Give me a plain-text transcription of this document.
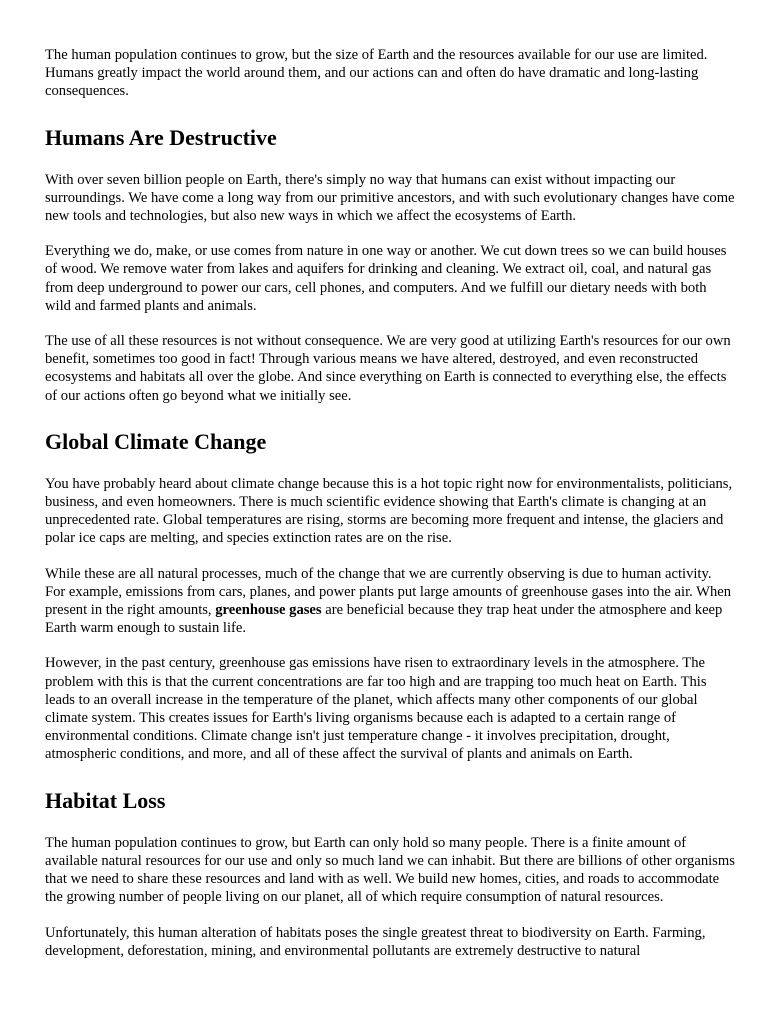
The human population continues to grow, but the size of Earth and the resources available for our use are limited. Humans greatly impact the world around them, and our actions can and often do have dramatic and long-lasting consequences.

Humans Are Destructive

With over seven billion people on Earth, there's simply no way that humans can exist without impacting our surroundings. We have come a long way from our primitive ancestors, and with such evolutionary changes have come new tools and technologies, but also new ways in which we affect the ecosystems of Earth.

Everything we do, make, or use comes from nature in one way or another. We cut down trees so we can build houses of wood. We remove water from lakes and aquifers for drinking and cleaning. We extract oil, coal, and natural gas from deep underground to power our cars, cell phones, and computers. And we fulfill our dietary needs with both wild and farmed plants and animals.

The use of all these resources is not without consequence. We are very good at utilizing Earth's resources for our own benefit, sometimes too good in fact! Through various means we have altered, destroyed, and even reconstructed ecosystems and habitats all over the globe. And since everything on Earth is connected to everything else, the effects of our actions often go beyond what we initially see.

Global Climate Change

You have probably heard about climate change because this is a hot topic right now for environmentalists, politicians, business, and even homeowners. There is much scientific evidence showing that Earth's climate is changing at an unprecedented rate. Global temperatures are rising, storms are becoming more frequent and intense, the glaciers and polar ice caps are melting, and species extinction rates are on the rise.

While these are all natural processes, much of the change that we are currently observing is due to human activity. For example, emissions from cars, planes, and power plants put large amounts of greenhouse gases into the air. When present in the right amounts, greenhouse gases are beneficial because they trap heat under the atmosphere and keep Earth warm enough to sustain life.

However, in the past century, greenhouse gas emissions have risen to extraordinary levels in the atmosphere. The problem with this is that the current concentrations are far too high and are trapping too much heat on Earth. This leads to an overall increase in the temperature of the planet, which affects many other components of our global climate system. This creates issues for Earth's living organisms because each is adapted to a certain range of environmental conditions. Climate change isn't just temperature change - it involves precipitation, drought, atmospheric conditions, and more, and all of these affect the survival of plants and animals on Earth.

Habitat Loss

The human population continues to grow, but Earth can only hold so many people. There is a finite amount of available natural resources for our use and only so much land we can inhabit. But there are billions of other organisms that we need to share these resources and land with as well. We build new homes, cities, and roads to accommodate the growing number of people living on our planet, all of which require consumption of natural resources.

Unfortunately, this human alteration of habitats poses the single greatest threat to biodiversity on Earth. Farming, development, deforestation, mining, and environmental pollutants are extremely destructive to natural
